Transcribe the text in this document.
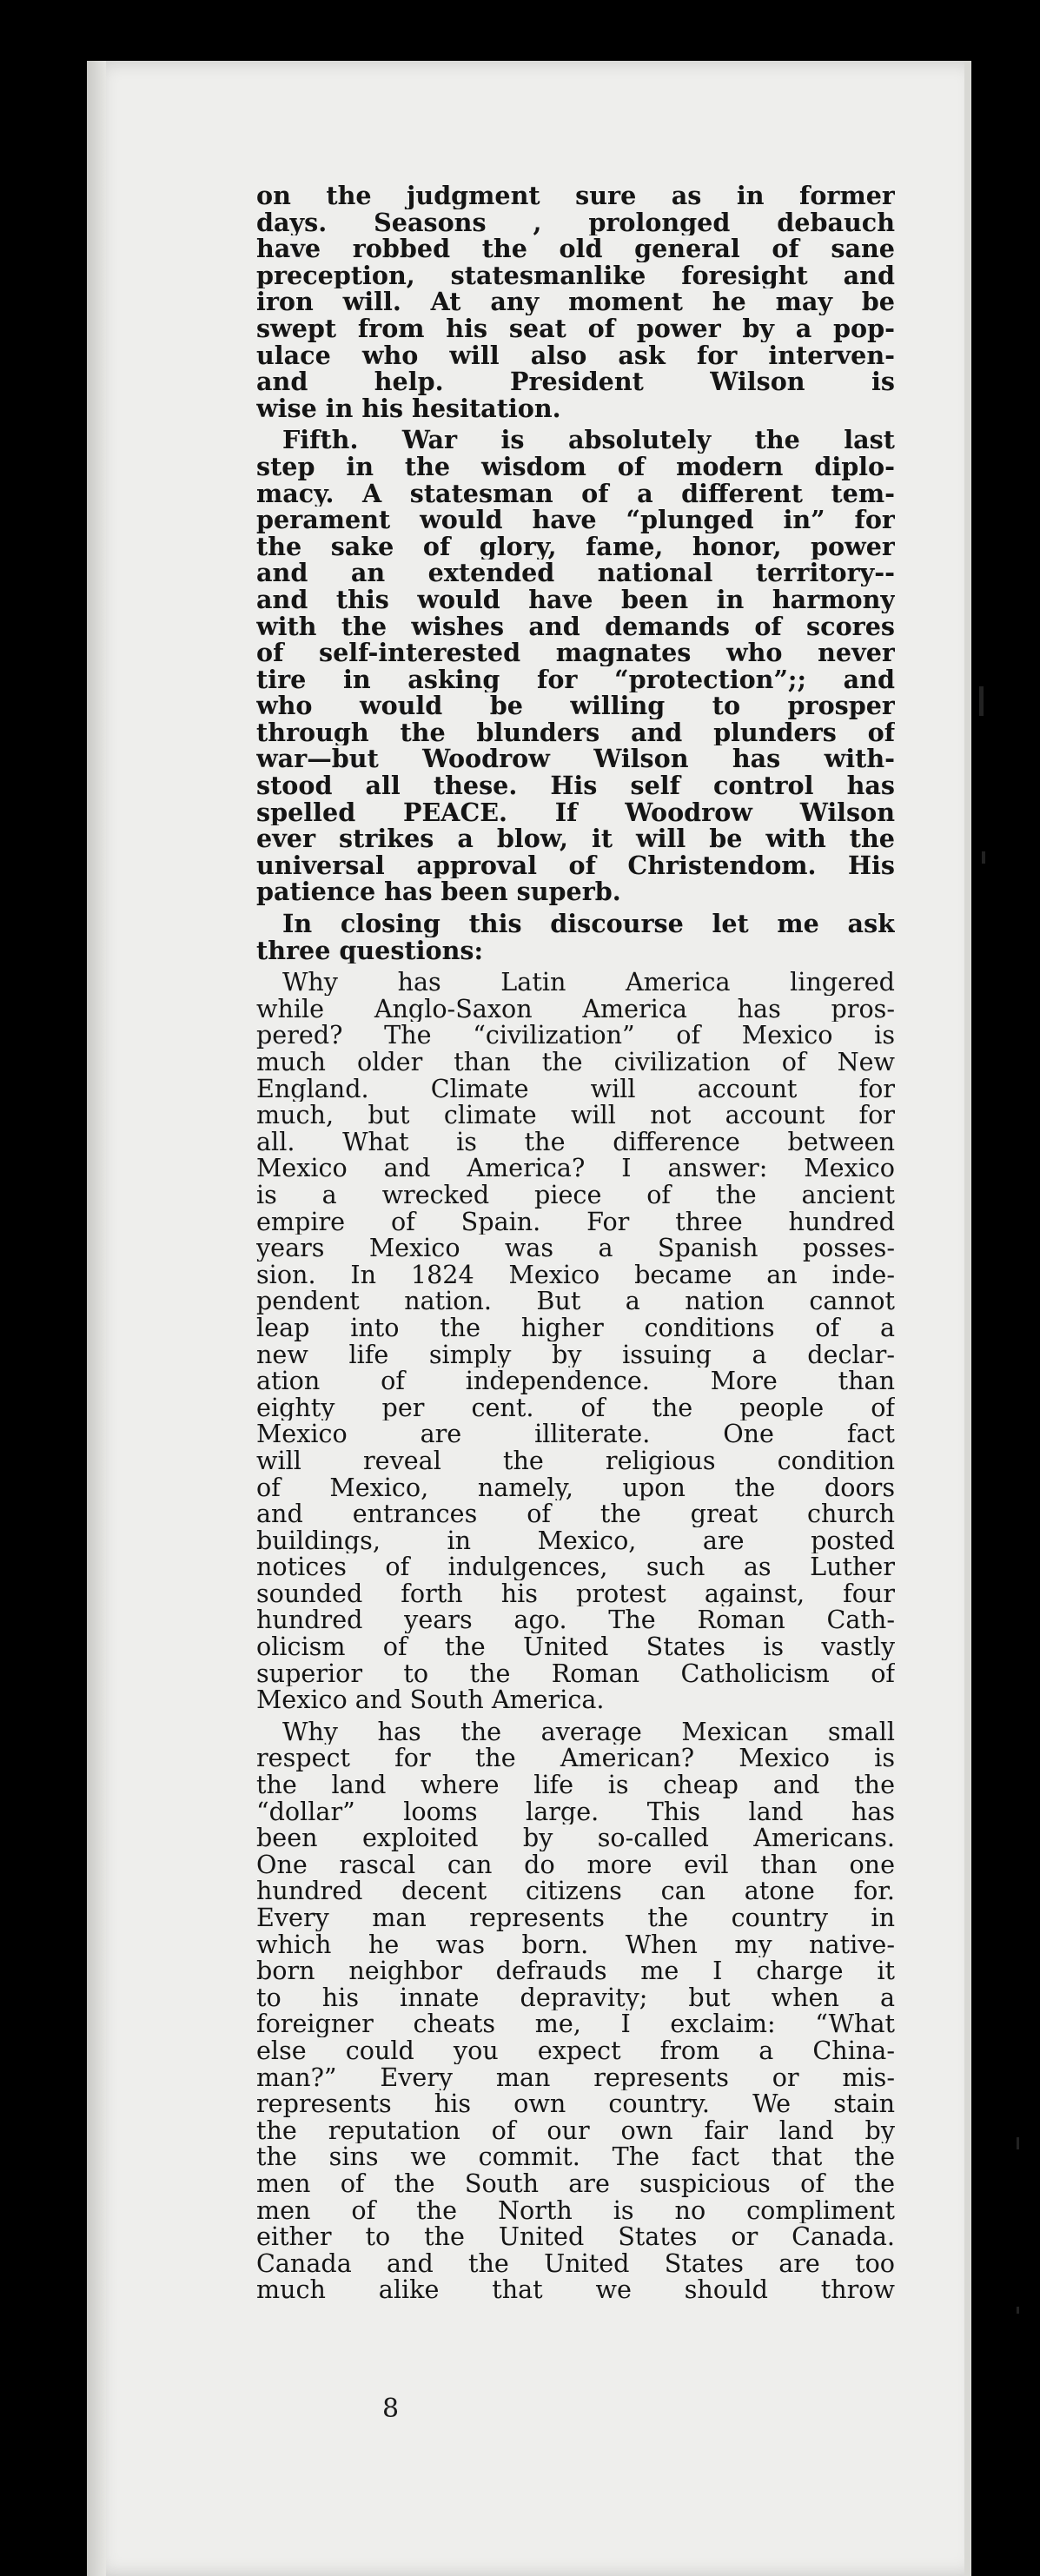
on the judgment sure as in former
days. Seasons , prolonged debauch
have robbed the old general of sane
preception, statesmanlike foresight and
iron will. At any moment he may be
swept from his seat of power by a pop-
ulace who will also ask for interven-
and help. President Wilson is
wise in his hesitation.
Fifth. War is absolutely the last
step in the wisdom of modern diplo-
macy. A statesman of a different tem-
perament would have “plunged in” for
the sake of glory, fame, honor, power
and an extended national territory--
and this would have been in harmony
with the wishes and demands of scores
of self-interested magnates who never
tire in asking for “protection”;; and
who would be willing to prosper
through the blunders and plunders of
war—but Woodrow Wilson has with-
stood all these. His self control has
spelled PEACE. If Woodrow Wilson
ever strikes a blow, it will be with the
universal approval of Christendom. His
patience has been superb.
In closing this discourse let me ask
three questions:
Why has Latin America lingered
while Anglo-Saxon America has pros-
pered? The “civilization” of Mexico is
much older than the civilization of New
England. Climate will account for
much, but climate will not account for
all. What is the difference between
Mexico and America? I answer: Mexico
is a wrecked piece of the ancient
empire of Spain. For three hundred
years Mexico was a Spanish posses-
sion. In 1824 Mexico became an inde-
pendent nation. But a nation cannot
leap into the higher conditions of a
new life simply by issuing a declar-
ation of independence. More than
eighty per cent. of the people of
Mexico are illiterate. One fact
will reveal the religious condition
of Mexico, namely, upon the doors
and entrances of the great church
buildings, in Mexico, are posted
notices of indulgences, such as Luther
sounded forth his protest against, four
hundred years ago. The Roman Cath-
olicism of the United States is vastly
superior to the Roman Catholicism of
Mexico and South America.
Why has the average Mexican small
respect for the American? Mexico is
the land where life is cheap and the
“dollar” looms large. This land has
been exploited by so-called Americans.
One rascal can do more evil than one
hundred decent citizens can atone for.
Every man represents the country in
which he was born. When my native-
born neighbor defrauds me I charge it
to his innate depravity; but when a
foreigner cheats me, I exclaim: “What
else could you expect from a China-
man?” Every man represents or mis-
represents his own country. We stain
the reputation of our own fair land by
the sins we commit. The fact that the
men of the South are suspicious of the
men of the North is no compliment
either to the United States or Canada.
Canada and the United States are too
much alike that we should throw
8
